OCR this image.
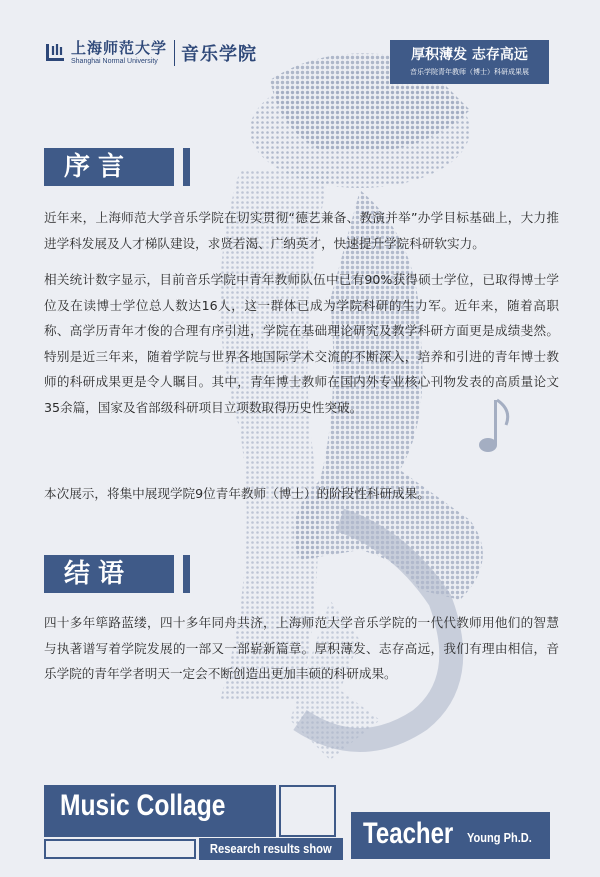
上海师范大学
Shanghai Normal University	音乐学院	厚积薄发 志存高远
音乐学院青年教师（博士）科研成果展
序言
近年来，上海师范大学音乐学院在切实贯彻“德艺兼备、教演并举”办学目标基础上，大力推进学科发展及人才梯队建设，求贤若渴、广纳英才，快速提升学院科研软实力。
相关统计数字显示，目前音乐学院中青年教师队伍中已有90%获得硕士学位，已取得博士学位及在读博士学位总人数达16人，这一群体已成为学院科研的生力军。近年来，随着高职称、高学历青年才俊的合理有序引进，学院在基础理论研究及教学科研方面更是成绩斐然。特别是近三年来，随着学院与世界各地国际学术交流的不断深入，培养和引进的青年博士教师的科研成果更是令人瞩目。其中，青年博士教师在国内外专业核心刊物发表的高质量论文35余篇，国家及省部级科研项目立项数取得历史性突破。
本次展示，将集中展现学院9位青年教师（博士）的阶段性科研成果。
结语
四十多年筚路蓝缕，四十多年同舟共济，上海师范大学音乐学院的一代代教师用他们的智慧与执著谱写着学院发展的一部又一部崭新篇章。厚积薄发、志存高远，我们有理由相信，音乐学院的青年学者明天一定会不断创造出更加丰硕的科研成果。
Music Collage
Research results show	Teacher Young Ph.D.
